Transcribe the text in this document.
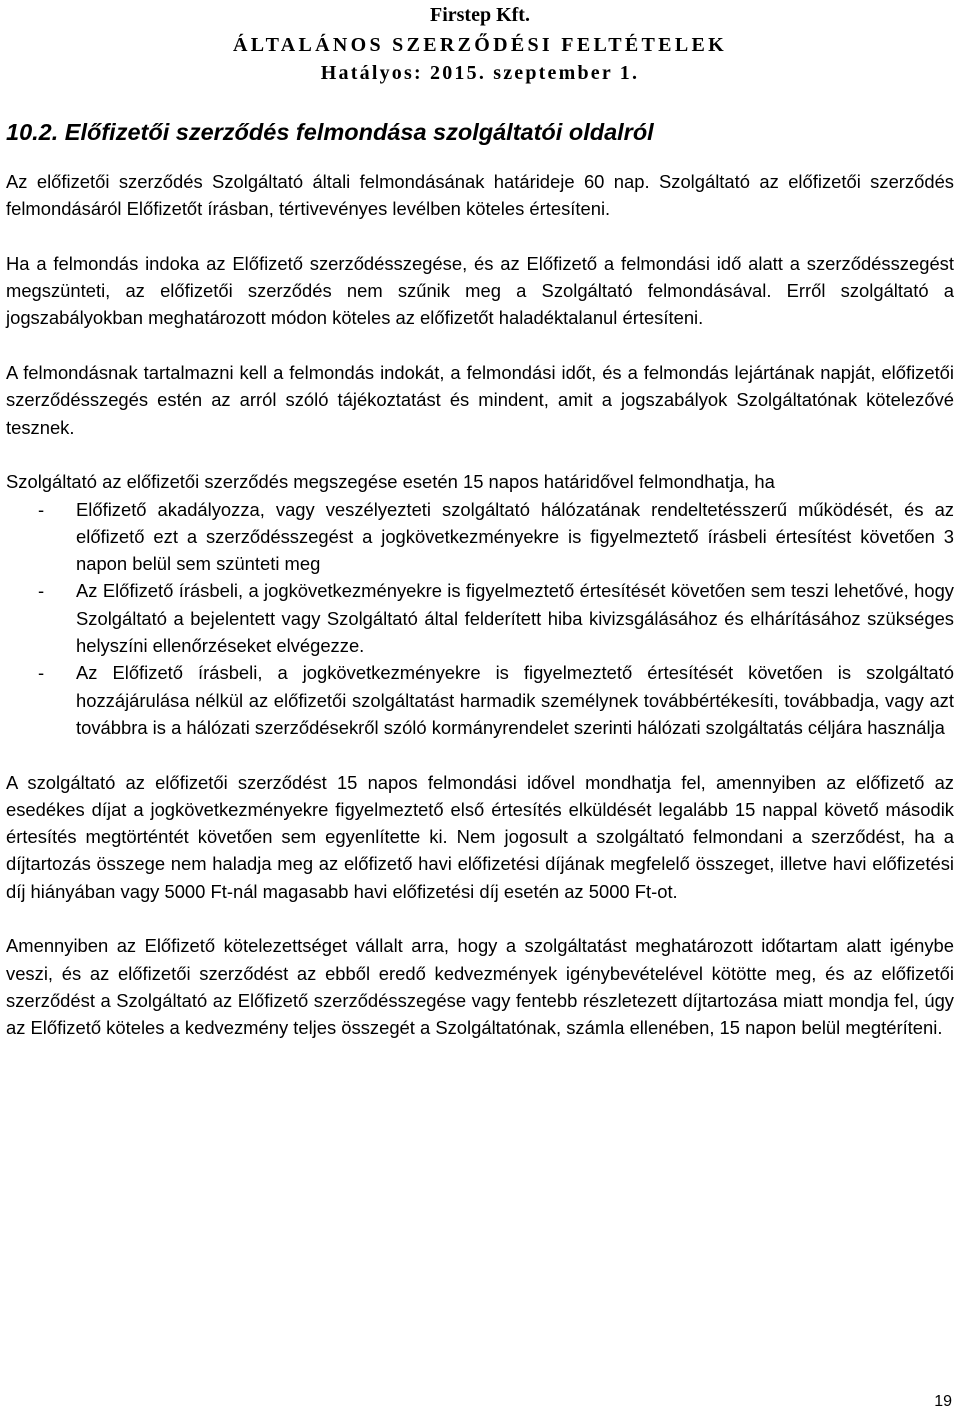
Firstep Kft.
ÁLTALÁNOS SZERZŐDÉSI FELTÉTELEK
Hatályos: 2015. szeptember 1.
10.2. Előfizetői szerződés felmondása szolgáltatói oldalról

Az előfizetői szerződés Szolgáltató általi felmondásának határideje 60 nap. Szolgáltató az előfizetői szerződés felmondásáról Előfizetőt írásban, tértivevényes levélben köteles értesíteni.

Ha a felmondás indoka az Előfizető szerződésszegése, és az Előfizető a felmondási idő alatt a szerződésszegést megszünteti, az előfizetői szerződés nem szűnik meg a Szolgáltató felmondásával. Erről szolgáltató a jogszabályokban meghatározott módon köteles az előfizetőt haladéktalanul értesíteni.

A felmondásnak tartalmazni kell a felmondás indokát, a felmondási időt, és a felmondás lejártának napját, előfizetői szerződésszegés estén az arról szóló tájékoztatást és mindent, amit a jogszabályok Szolgáltatónak kötelezővé tesznek.

Szolgáltató az előfizetői szerződés megszegése esetén 15 napos határidővel felmondhatja, ha

- Előfizető akadályozza, vagy veszélyezteti szolgáltató hálózatának rendeltetésszerű működését, és az előfizető ezt a szerződésszegést a jogkövetkezményekre is figyelmeztető írásbeli értesítést követően 3 napon belül sem szünteti meg
- Az Előfizető írásbeli, a jogkövetkezményekre is figyelmeztető értesítését követően sem teszi lehetővé, hogy Szolgáltató a bejelentett vagy Szolgáltató által felderített hiba kivizsgálásához és elhárításához szükséges helyszíni ellenőrzéseket elvégezze.
- Az Előfizető írásbeli, a jogkövetkezményekre is figyelmeztető értesítését követően is szolgáltató hozzájárulása nélkül az előfizetői szolgáltatást harmadik személynek továbbértékesíti, továbbadja, vagy azt továbbra is a hálózati szerződésekről szóló kormányrendelet szerinti hálózati szolgáltatás céljára használja

A szolgáltató az előfizetői szerződést 15 napos felmondási idővel mondhatja fel, amennyiben az előfizető az esedékes díjat a jogkövetkezményekre figyelmeztető első értesítés elküldését legalább 15 nappal követő második értesítés megtörténtét követően sem egyenlítette ki. Nem jogosult a szolgáltató felmondani a szerződést, ha a díjtartozás összege nem haladja meg az előfizető havi előfizetési díjának megfelelő összeget, illetve havi előfizetési díj hiányában vagy 5000 Ft-nál magasabb havi előfizetési díj esetén az 5000 Ft-ot.

Amennyiben az Előfizető kötelezettséget vállalt arra, hogy a szolgáltatást meghatározott időtartam alatt igénybe veszi, és az előfizetői szerződést az ebből eredő kedvezmények igénybevételével kötötte meg, és az előfizetői szerződést a Szolgáltató az Előfizető szerződésszegése vagy fentebb részletezett díjtartozása miatt mondja fel, úgy az Előfizető köteles a kedvezmény teljes összegét a Szolgáltatónak, számla ellenében, 15 napon belül megtéríteni.

19
